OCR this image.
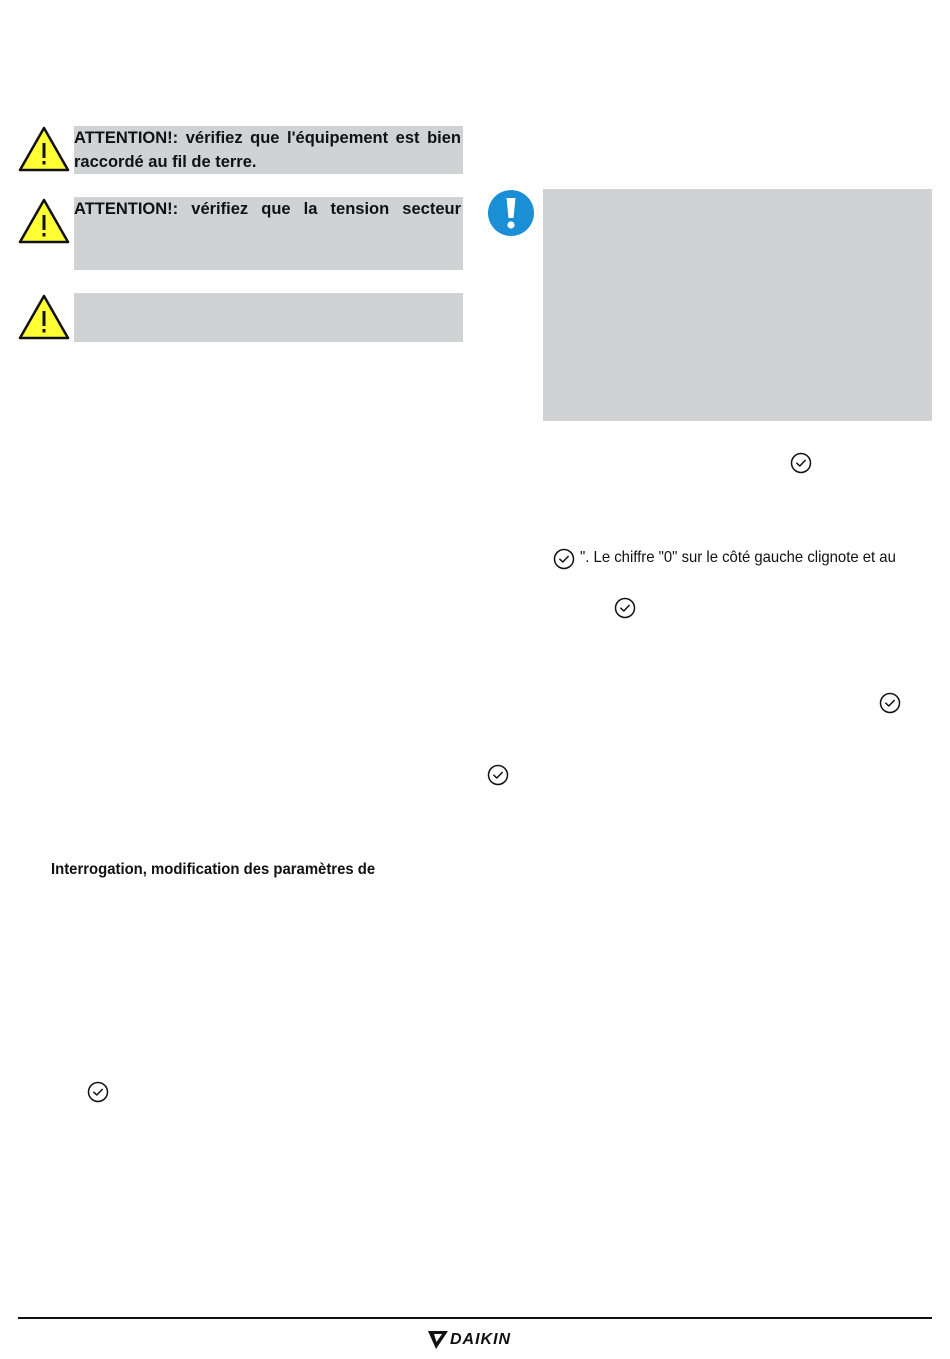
ATTENTION!: vérifiez que l'équipement est bien
raccordé au fil de terre.
ATTENTION!: vérifiez que la tension secteur
". Le chiffre "0" sur le côté gauche clignote et au
Interrogation, modification des paramètres de
DAIKIN
